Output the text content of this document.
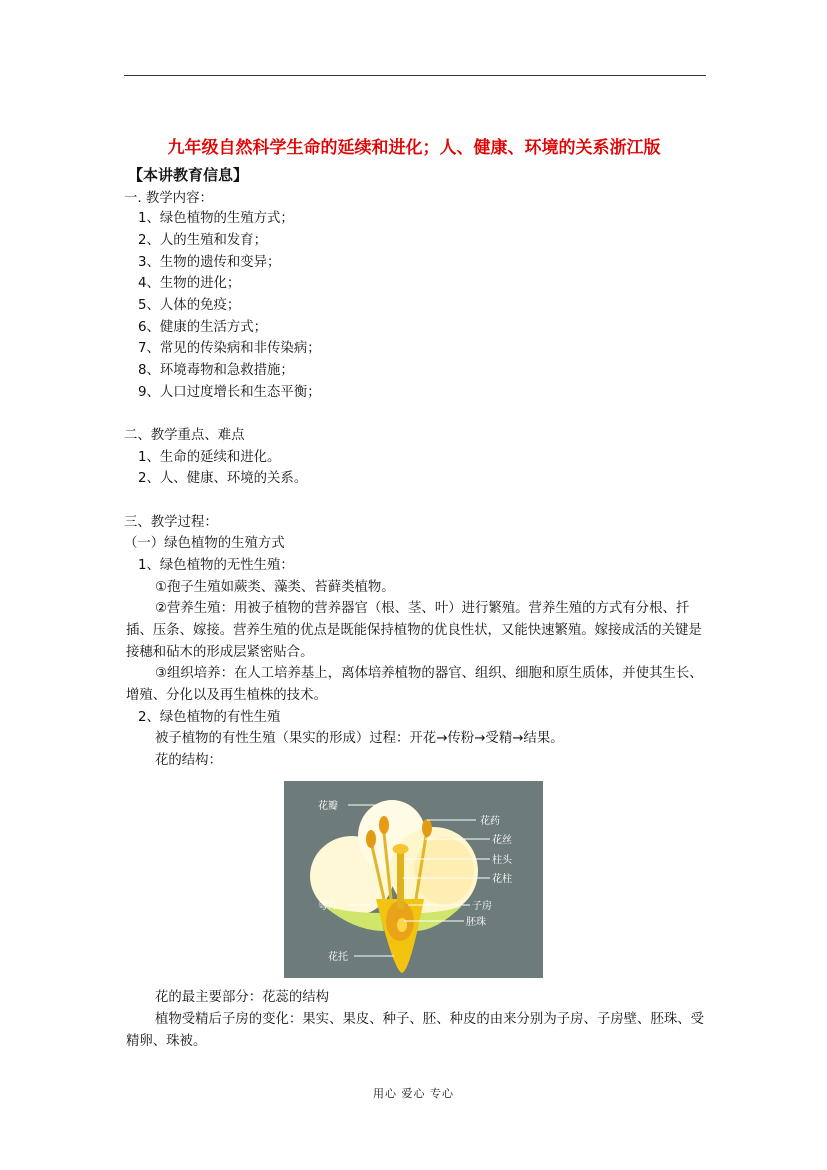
九年级自然科学生命的延续和进化；人、健康、环境的关系浙江版
【本讲教育信息】
一. 教学内容：
1、绿色植物的生殖方式；
2、人的生殖和发育；
3、生物的遗传和变异；
4、生物的进化；
5、人体的免疫；
6、健康的生活方式；
7、常见的传染病和非传染病；
8、环境毒物和急救措施；
9、人口过度增长和生态平衡；
二、教学重点、难点
1、生命的延续和进化。
2、人、健康、环境的关系。
三、教学过程：
（一）绿色植物的生殖方式
1、绿色植物的无性生殖：
①孢子生殖如蕨类、藻类、苔藓类植物。
②营养生殖：用被子植物的营养器官（根、茎、叶）进行繁殖。营养生殖的方式有分根、扦插、压条、嫁接。营养生殖的优点是既能保持植物的优良性状，又能快速繁殖。嫁接成活的关键是接穗和砧木的形成层紧密贴合。
③组织培养：在人工培养基上，离体培养植物的器官、组织、细胞和原生质体，并使其生长、增殖、分化以及再生植株的技术。
2、绿色植物的有性生殖
被子植物的有性生殖（果实的形成）过程：开花→传粉→受精→结果。
花的结构：
花瓣
花药
花丝
柱头
花柱
萼片	子房
胚珠
花托
花的最主要部分：花蕊的结构
植物受精后子房的变化：果实、果皮、种子、胚、种皮的由来分别为子房、子房壁、胚珠、受精卵、珠被。
用心 爱心 专心
